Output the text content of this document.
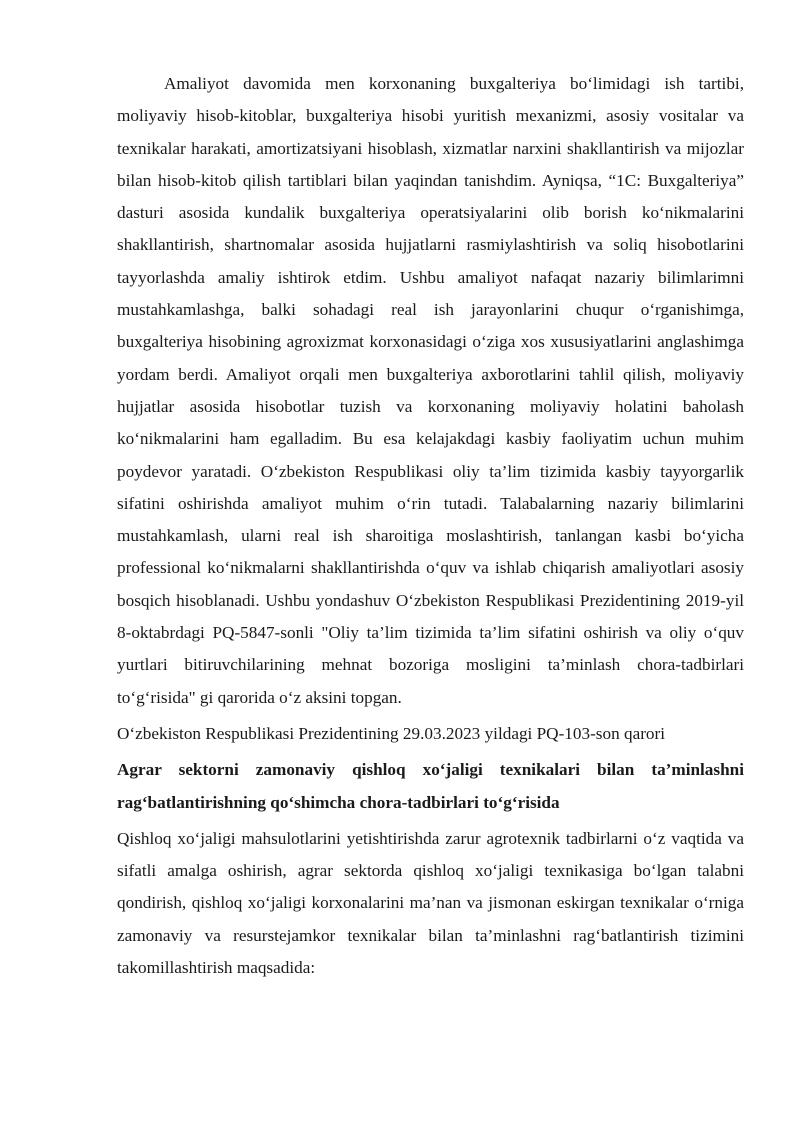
Amaliyot davomida men korxonaning buxgalteriya bo‘limidagi ish tartibi, moliyaviy hisob-kitoblar, buxgalteriya hisobi yuritish mexanizmi, asosiy vositalar va texnikalar harakati, amortizatsiyani hisoblash, xizmatlar narxini shakllantirish va mijozlar bilan hisob-kitob qilish tartiblari bilan yaqindan tanishdim. Ayniqsa, “1C: Buxgalteriya” dasturi asosida kundalik buxgalteriya operatsiyalarini olib borish ko‘nikmalarini shakllantirish, shartnomalar asosida hujjatlarni rasmiylashtirish va soliq hisobotlarini tayyorlashda amaliy ishtirok etdim. Ushbu amaliyot nafaqat nazariy bilimlarimni mustahkamlashga, balki sohadagi real ish jarayonlarini chuqur o‘rganishimga, buxgalteriya hisobining agroxizmat korxonasidagi o‘ziga xos xususiyatlarini anglashimga yordam berdi. Amaliyot orqali men buxgalteriya axborotlarini tahlil qilish, moliyaviy hujjatlar asosida hisobotlar tuzish va korxonaning moliyaviy holatini baholash ko‘nikmalarini ham egalladim. Bu esa kelajakdagi kasbiy faoliyatim uchun muhim poydevor yaratadi. O‘zbekiston Respublikasi oliy ta’lim tizimida kasbiy tayyorgarlik sifatini oshirishda amaliyot muhim o‘rin tutadi. Talabalarning nazariy bilimlarini mustahkamlash, ularni real ish sharoitiga moslashtirish, tanlangan kasbi bo‘yicha professional ko‘nikmalarni shakllantirishda o‘quv va ishlab chiqarish amaliyotlari asosiy bosqich hisoblanadi. Ushbu yondashuv O‘zbekiston Respublikasi Prezidentining 2019-yil 8-oktabrdagi PQ-5847-sonli "Oliy ta’lim tizimida ta’lim sifatini oshirish va oliy o‘quv yurtlari bitiruvchilarining mehnat bozoriga mosligini ta’minlash chora-tadbirlari to‘g‘risida" gi qarorida o‘z aksini topgan.

O‘zbekiston Respublikasi Prezidentining 29.03.2023 yildagi PQ-103-son qarori

Agrar sektorni zamonaviy qishloq xo‘jaligi texnikalari bilan ta’minlashni rag‘batlantirishning qo‘shimcha chora-tadbirlari to‘g‘risida

Qishloq xo‘jaligi mahsulotlarini yetishtirishda zarur agrotexnik tadbirlarni o‘z vaqtida va sifatli amalga oshirish, agrar sektorda qishloq xo‘jaligi texnikasiga bo‘lgan talabni qondirish, qishloq xo‘jaligi korxonalarini ma’nan va jismonan eskirgan texnikalar o‘rniga zamonaviy va resurstejamkor texnikalar bilan ta’minlashni rag‘batlantirish tizimini takomillashtirish maqsadida:
